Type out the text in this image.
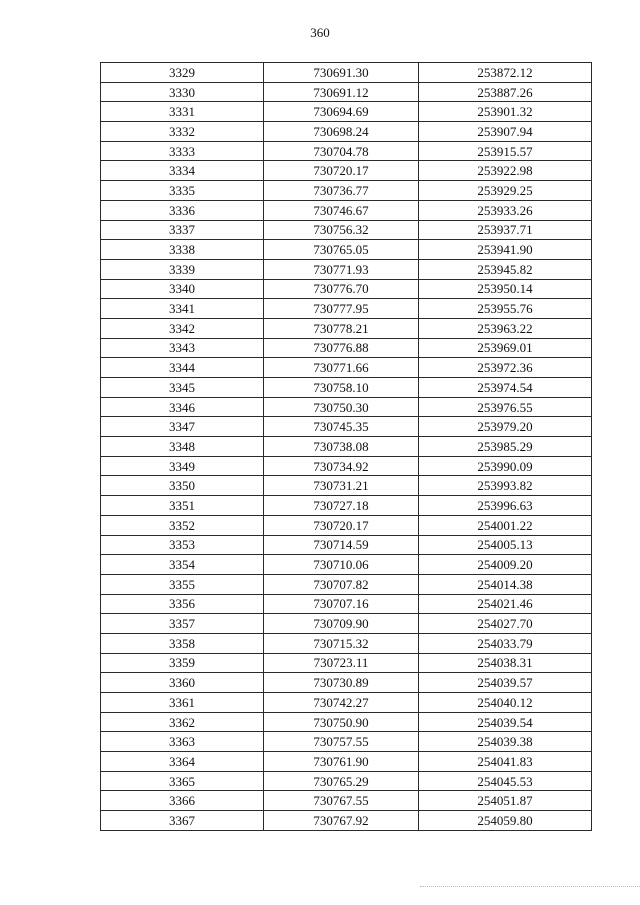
360
3329	730691.30	253872.12
3330	730691.12	253887.26
3331	730694.69	253901.32
3332	730698.24	253907.94
3333	730704.78	253915.57
3334	730720.17	253922.98
3335	730736.77	253929.25
3336	730746.67	253933.26
3337	730756.32	253937.71
3338	730765.05	253941.90
3339	730771.93	253945.82
3340	730776.70	253950.14
3341	730777.95	253955.76
3342	730778.21	253963.22
3343	730776.88	253969.01
3344	730771.66	253972.36
3345	730758.10	253974.54
3346	730750.30	253976.55
3347	730745.35	253979.20
3348	730738.08	253985.29
3349	730734.92	253990.09
3350	730731.21	253993.82
3351	730727.18	253996.63
3352	730720.17	254001.22
3353	730714.59	254005.13
3354	730710.06	254009.20
3355	730707.82	254014.38
3356	730707.16	254021.46
3357	730709.90	254027.70
3358	730715.32	254033.79
3359	730723.11	254038.31
3360	730730.89	254039.57
3361	730742.27	254040.12
3362	730750.90	254039.54
3363	730757.55	254039.38
3364	730761.90	254041.83
3365	730765.29	254045.53
3366	730767.55	254051.87
3367	730767.92	254059.80
